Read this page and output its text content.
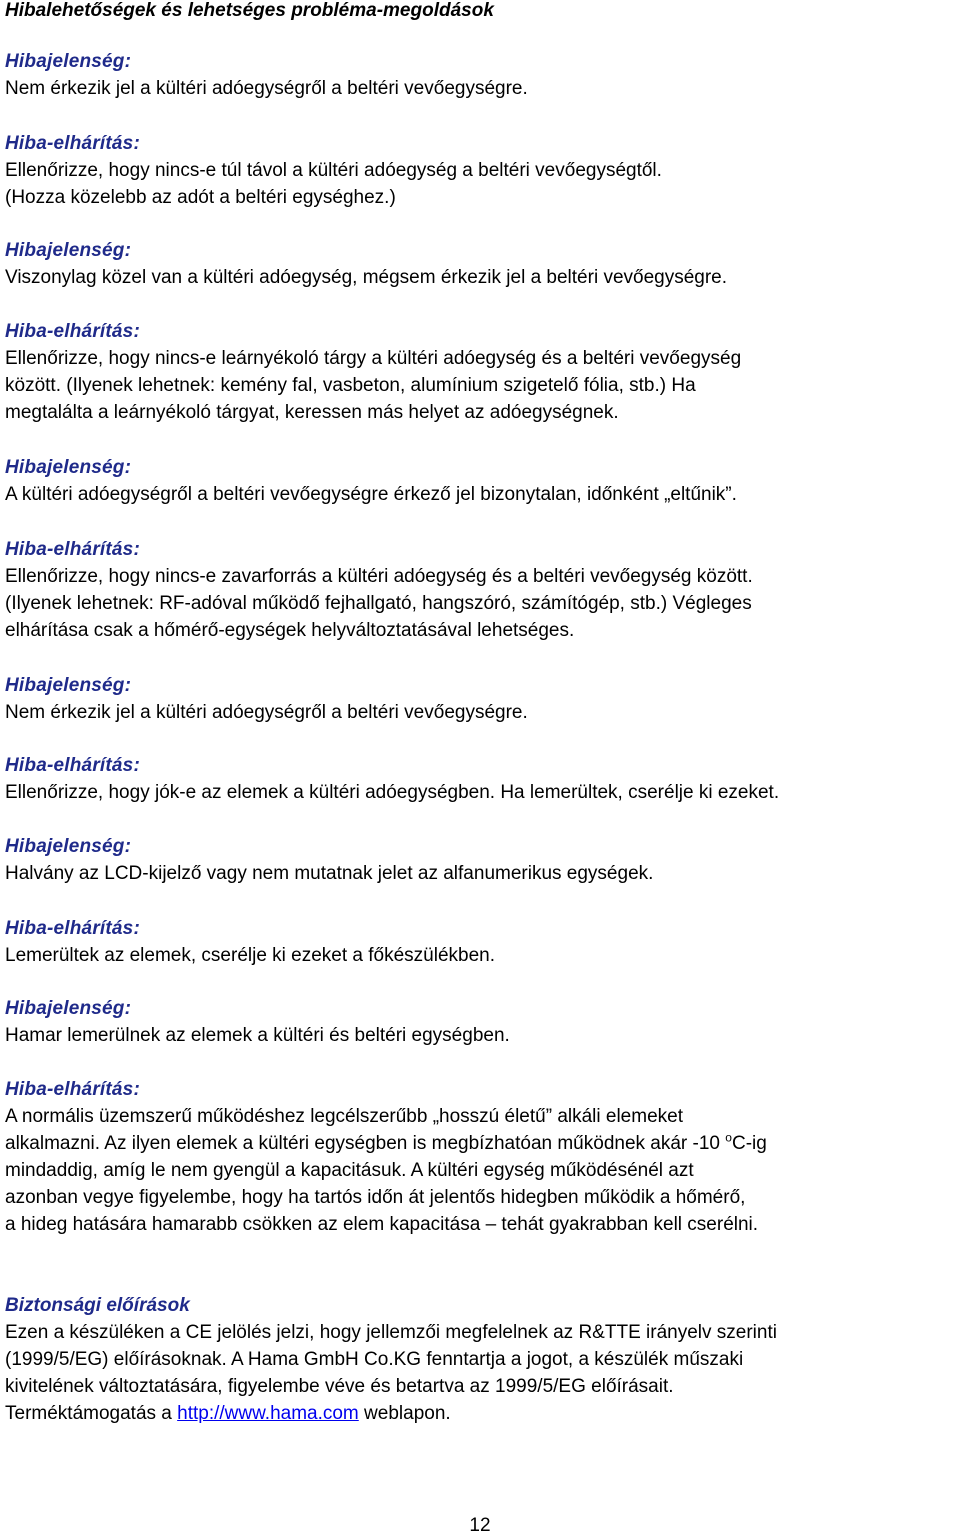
Hibalehetőségek és lehetséges probléma-megoldások

Hibajelenség:

Nem érkezik jel a kültéri adóegységről a beltéri vevőegységre.

Hiba-elhárítás:

Ellenőrizze, hogy nincs-e túl távol a kültéri adóegység a beltéri vevőegységtől.

(Hozza közelebb az adót a beltéri egységhez.)

Hibajelenség:

Viszonylag közel van a kültéri adóegység, mégsem érkezik jel a beltéri vevőegységre.

Hiba-elhárítás:

Ellenőrizze, hogy nincs-e leárnyékoló tárgy a kültéri adóegység és a beltéri vevőegység

között. (Ilyenek lehetnek: kemény fal, vasbeton, alumínium szigetelő fólia, stb.) Ha

megtalálta a leárnyékoló tárgyat, keressen más helyet az adóegységnek.

Hibajelenség:

A kültéri adóegységről a beltéri vevőegységre érkező jel bizonytalan, időnként „eltűnik”.

Hiba-elhárítás:

Ellenőrizze, hogy nincs-e zavarforrás a kültéri adóegység és a beltéri vevőegység között.

(Ilyenek lehetnek: RF-adóval működő fejhallgató, hangszóró, számítógép, stb.) Végleges

elhárítása csak a hőmérő-egységek helyváltoztatásával lehetséges.

Hibajelenség:

Nem érkezik jel a kültéri adóegységről a beltéri vevőegységre.

Hiba-elhárítás:

Ellenőrizze, hogy jók-e az elemek a kültéri adóegységben. Ha lemerültek, cserélje ki ezeket.

Hibajelenség:

Halvány az LCD-kijelző vagy nem mutatnak jelet az alfanumerikus egységek.

Hiba-elhárítás:

Lemerültek az elemek, cserélje ki ezeket a főkészülékben.

Hibajelenség:

Hamar lemerülnek az elemek a kültéri és beltéri egységben.

Hiba-elhárítás:

A normális üzemszerű működéshez legcélszerűbb „hosszú életű” alkáli elemeket

alkalmazni. Az ilyen elemek a kültéri egységben is megbízhatóan működnek akár -10 $^o$C-ig

mindaddig, amíg le nem gyengül a kapacitásuk. A kültéri egység működésénél azt

azonban vegye figyelembe, hogy ha tartós időn át jelentős hidegben működik a hőmérő,

a hideg hatására hamarabb csökken az elem kapacitása – tehát gyakrabban kell cserélni.

Biztonsági előírások

Ezen a készüléken a CE jelölés jelzi, hogy jellemzői megfelelnek az R&TTE irányelv szerinti

(1999/5/EG) előírásoknak. A Hama GmbH Co.KG fenntartja a jogot, a készülék műszaki

kivitelének változtatására, figyelembe véve és betartva az 1999/5/EG előírásait.

Terméktámogatás a http://www.hama.com weblapon.

12
